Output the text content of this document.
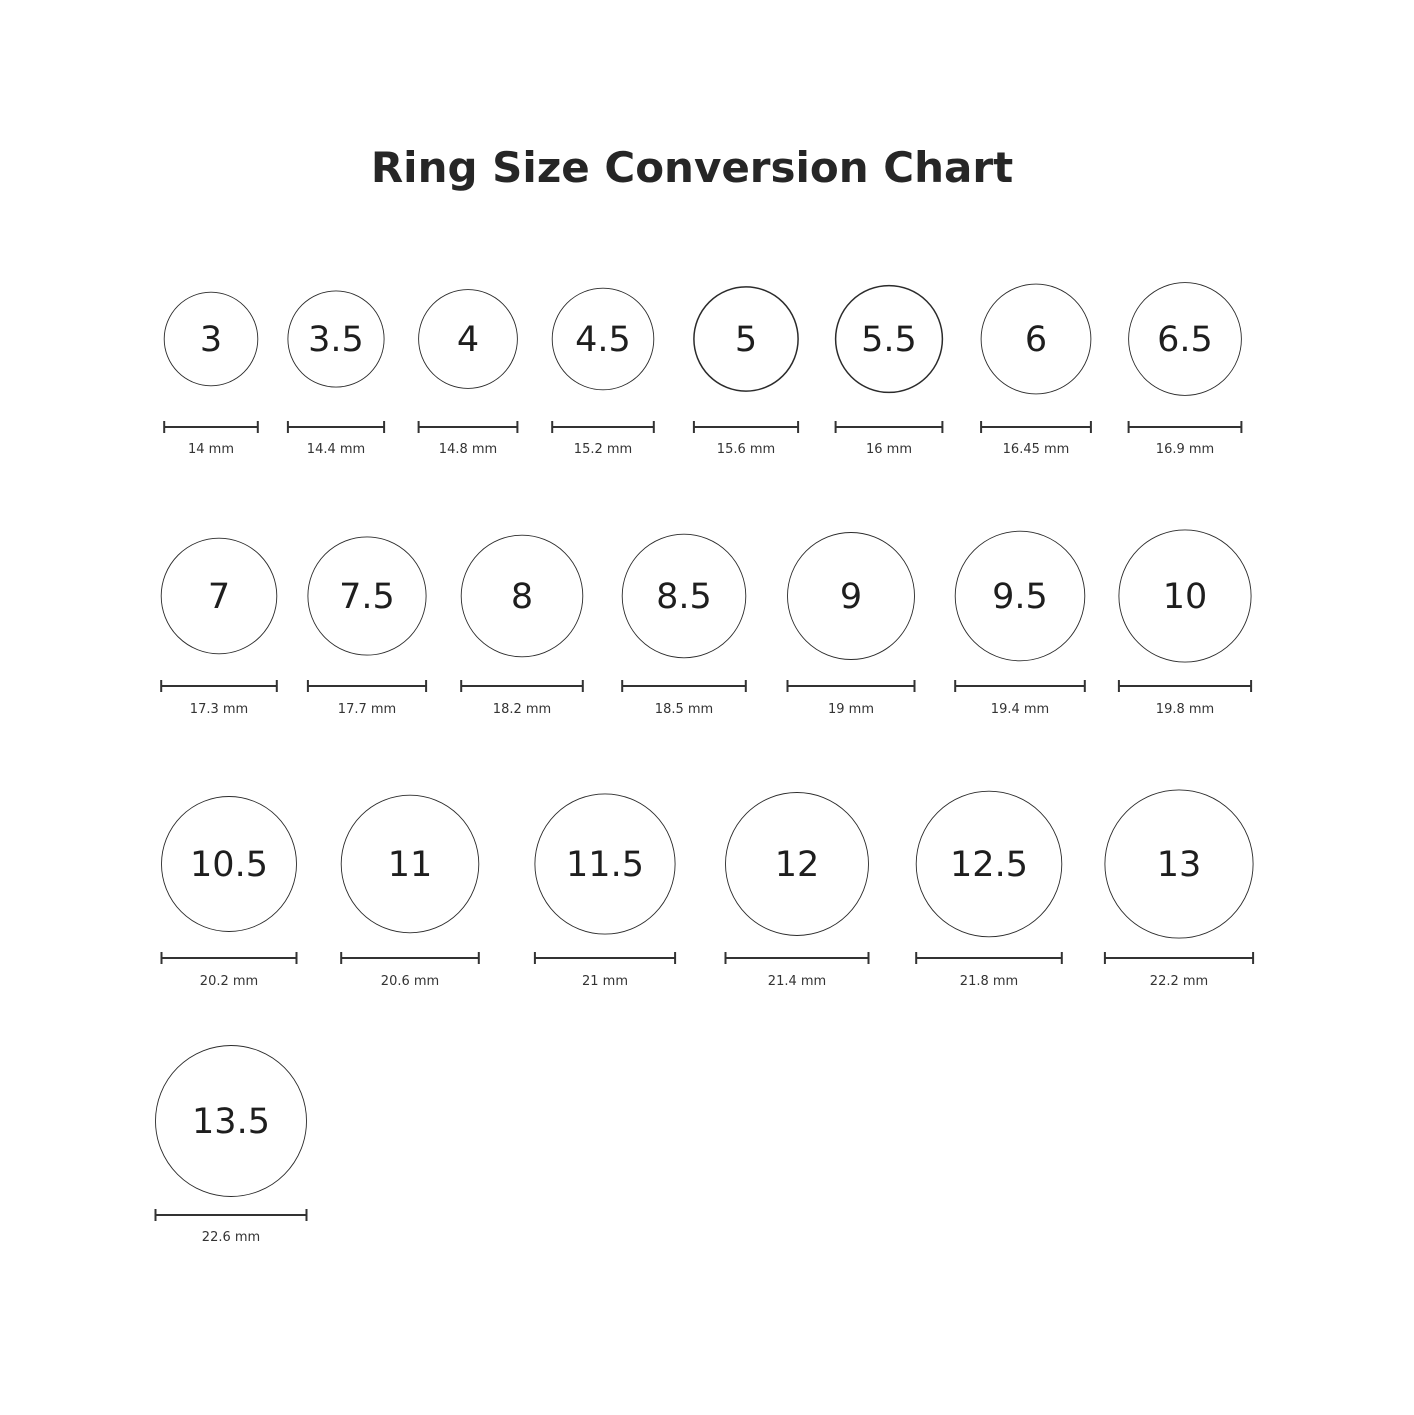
Ring Size Conversion Chart
3
14 mm
3.5
14.4 mm
4
14.8 mm
4.5
15.2 mm
5
15.6 mm
5.5
16 mm
6
16.45 mm
6.5
16.9 mm
7
17.3 mm
7.5
17.7 mm
8
18.2 mm
8.5
18.5 mm
9
19 mm
9.5
19.4 mm
10
19.8 mm
10.5
20.2 mm
11
20.6 mm
11.5
21 mm
12
21.4 mm
12.5
21.8 mm
13
22.2 mm
13.5
22.6 mm
